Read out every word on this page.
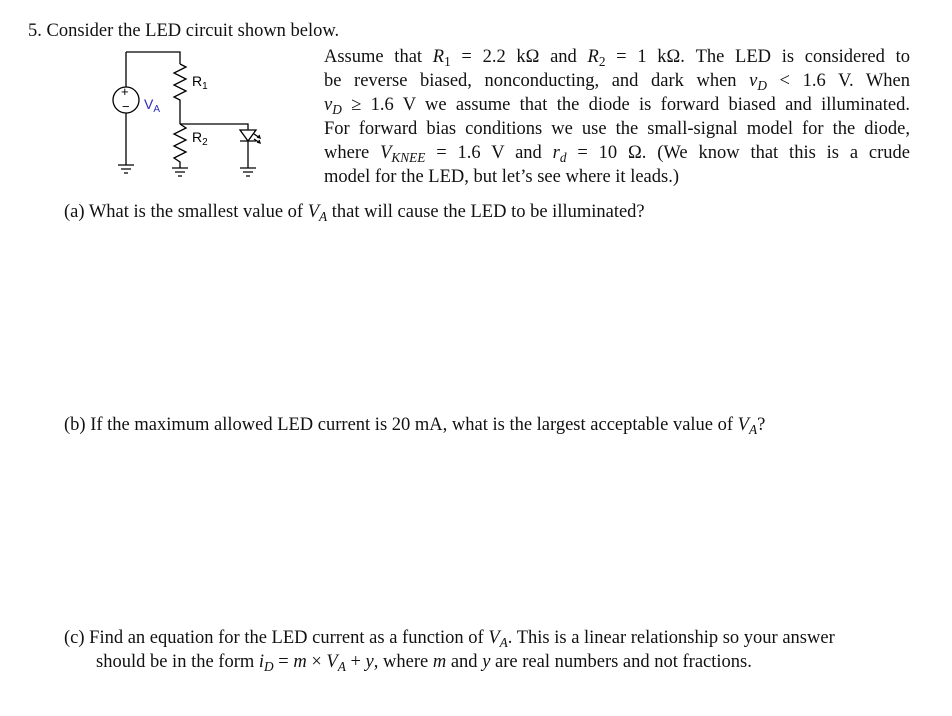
5. Consider the LED circuit shown below.
+
− $V_A$
$R_1$
$R_2$
Assume that $R_1 = 2.2$ kΩ and $R_2 = 1$ kΩ. The LED is considered to
be reverse biased, nonconducting, and dark when $v_D < 1.6$ V. When
$v_D \ge 1.6$ V we assume that the diode is forward biased and illuminated.
For forward bias conditions we use the small-signal model for the diode,
where $V_{KNEE} = 1.6$ V and $r_d = 10$ Ω. (We know that this is a crude
model for the LED, but let’s see where it leads.)
(a) What is the smallest value of $V_A$ that will cause the LED to be illuminated?
(b) If the maximum allowed LED current is 20 mA, what is the largest acceptable value of $V_A$?
(c) Find an equation for the LED current as a function of $V_A$. This is a linear relationship so your answer
should be in the form $i_D = m \times V_A + y$, where m and y are real numbers and not fractions.
